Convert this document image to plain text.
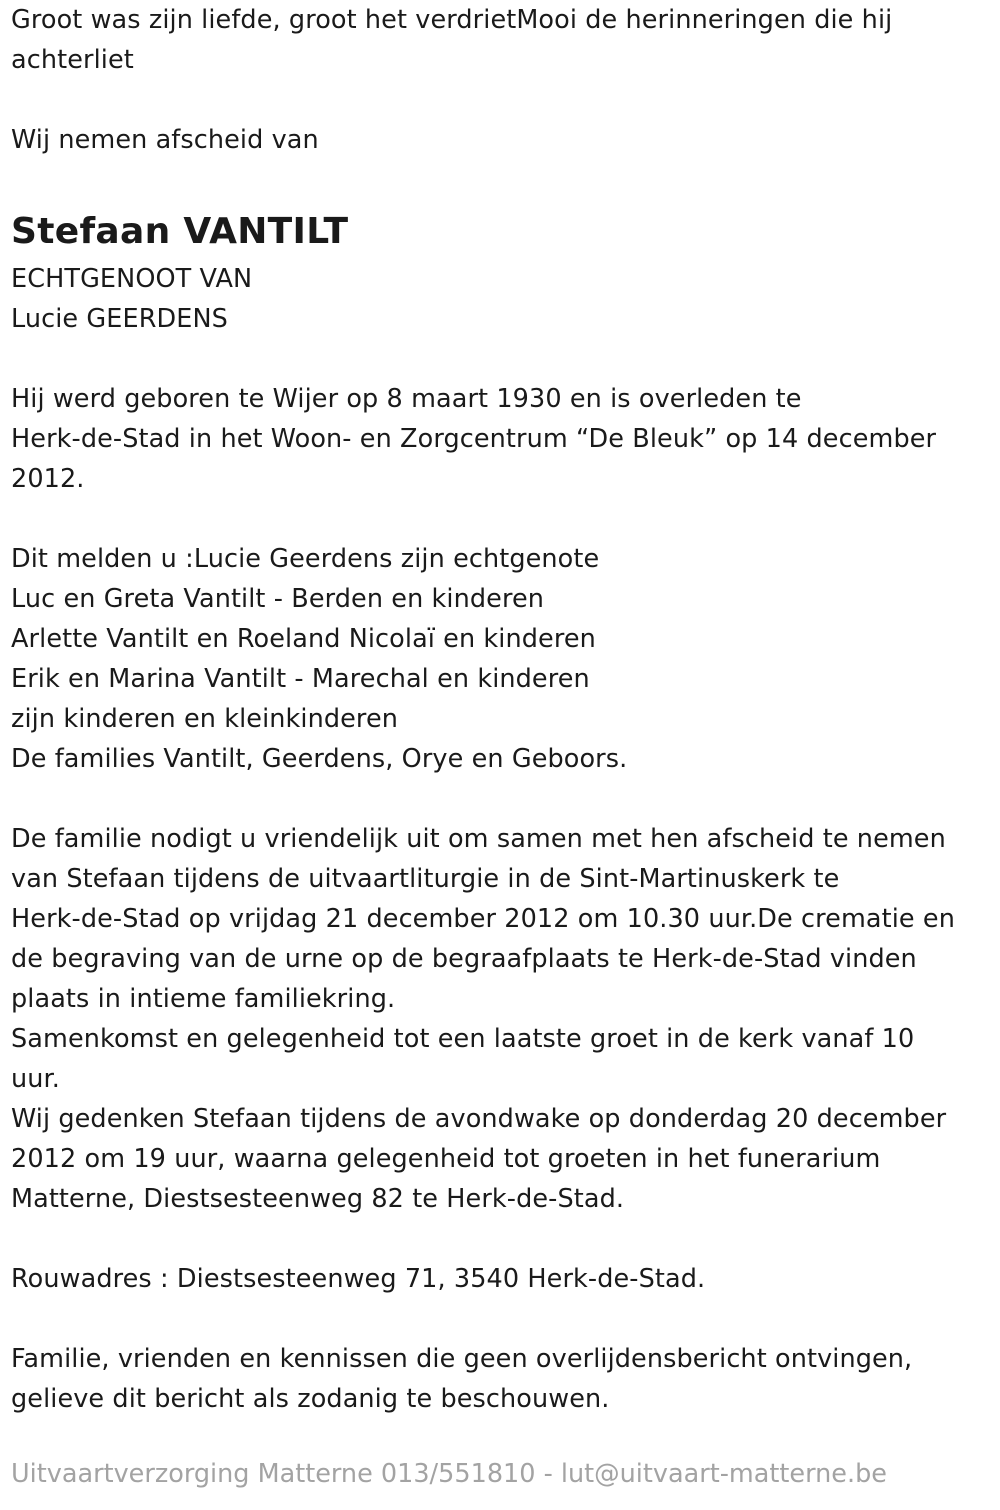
Groot was zijn liefde, groot het verdrietMooi de herinneringen die hij
achterliet
Wij nemen afscheid van
Stefaan VANTILT
ECHTGENOOT VAN
Lucie GEERDENS
Hij werd geboren te Wijer op 8 maart 1930 en is overleden te
Herk-de-Stad in het Woon- en Zorgcentrum “De Bleuk” op 14 december
2012.
Dit melden u :Lucie Geerdens zijn echtgenote
Luc en Greta Vantilt - Berden en kinderen
Arlette Vantilt en Roeland Nicolaï en kinderen
Erik en Marina Vantilt - Marechal en kinderen
zijn kinderen en kleinkinderen
De families Vantilt, Geerdens, Orye en Geboors.
De familie nodigt u vriendelijk uit om samen met hen afscheid te nemen
van Stefaan tijdens de uitvaartliturgie in de Sint-Martinuskerk te
Herk-de-Stad op vrijdag 21 december 2012 om 10.30 uur.De crematie en
de begraving van de urne op de begraafplaats te Herk-de-Stad vinden
plaats in intieme familiekring.
Samenkomst en gelegenheid tot een laatste groet in de kerk vanaf 10
uur.
Wij gedenken Stefaan tijdens de avondwake op donderdag 20 december
2012 om 19 uur, waarna gelegenheid tot groeten in het funerarium
Matterne, Diestsesteenweg 82 te Herk-de-Stad.
Rouwadres : Diestsesteenweg 71, 3540 Herk-de-Stad.
Familie, vrienden en kennissen die geen overlijdensbericht ontvingen,
gelieve dit bericht als zodanig te beschouwen.
Uitvaartverzorging Matterne 013/551810 - lut@uitvaart-matterne.be
